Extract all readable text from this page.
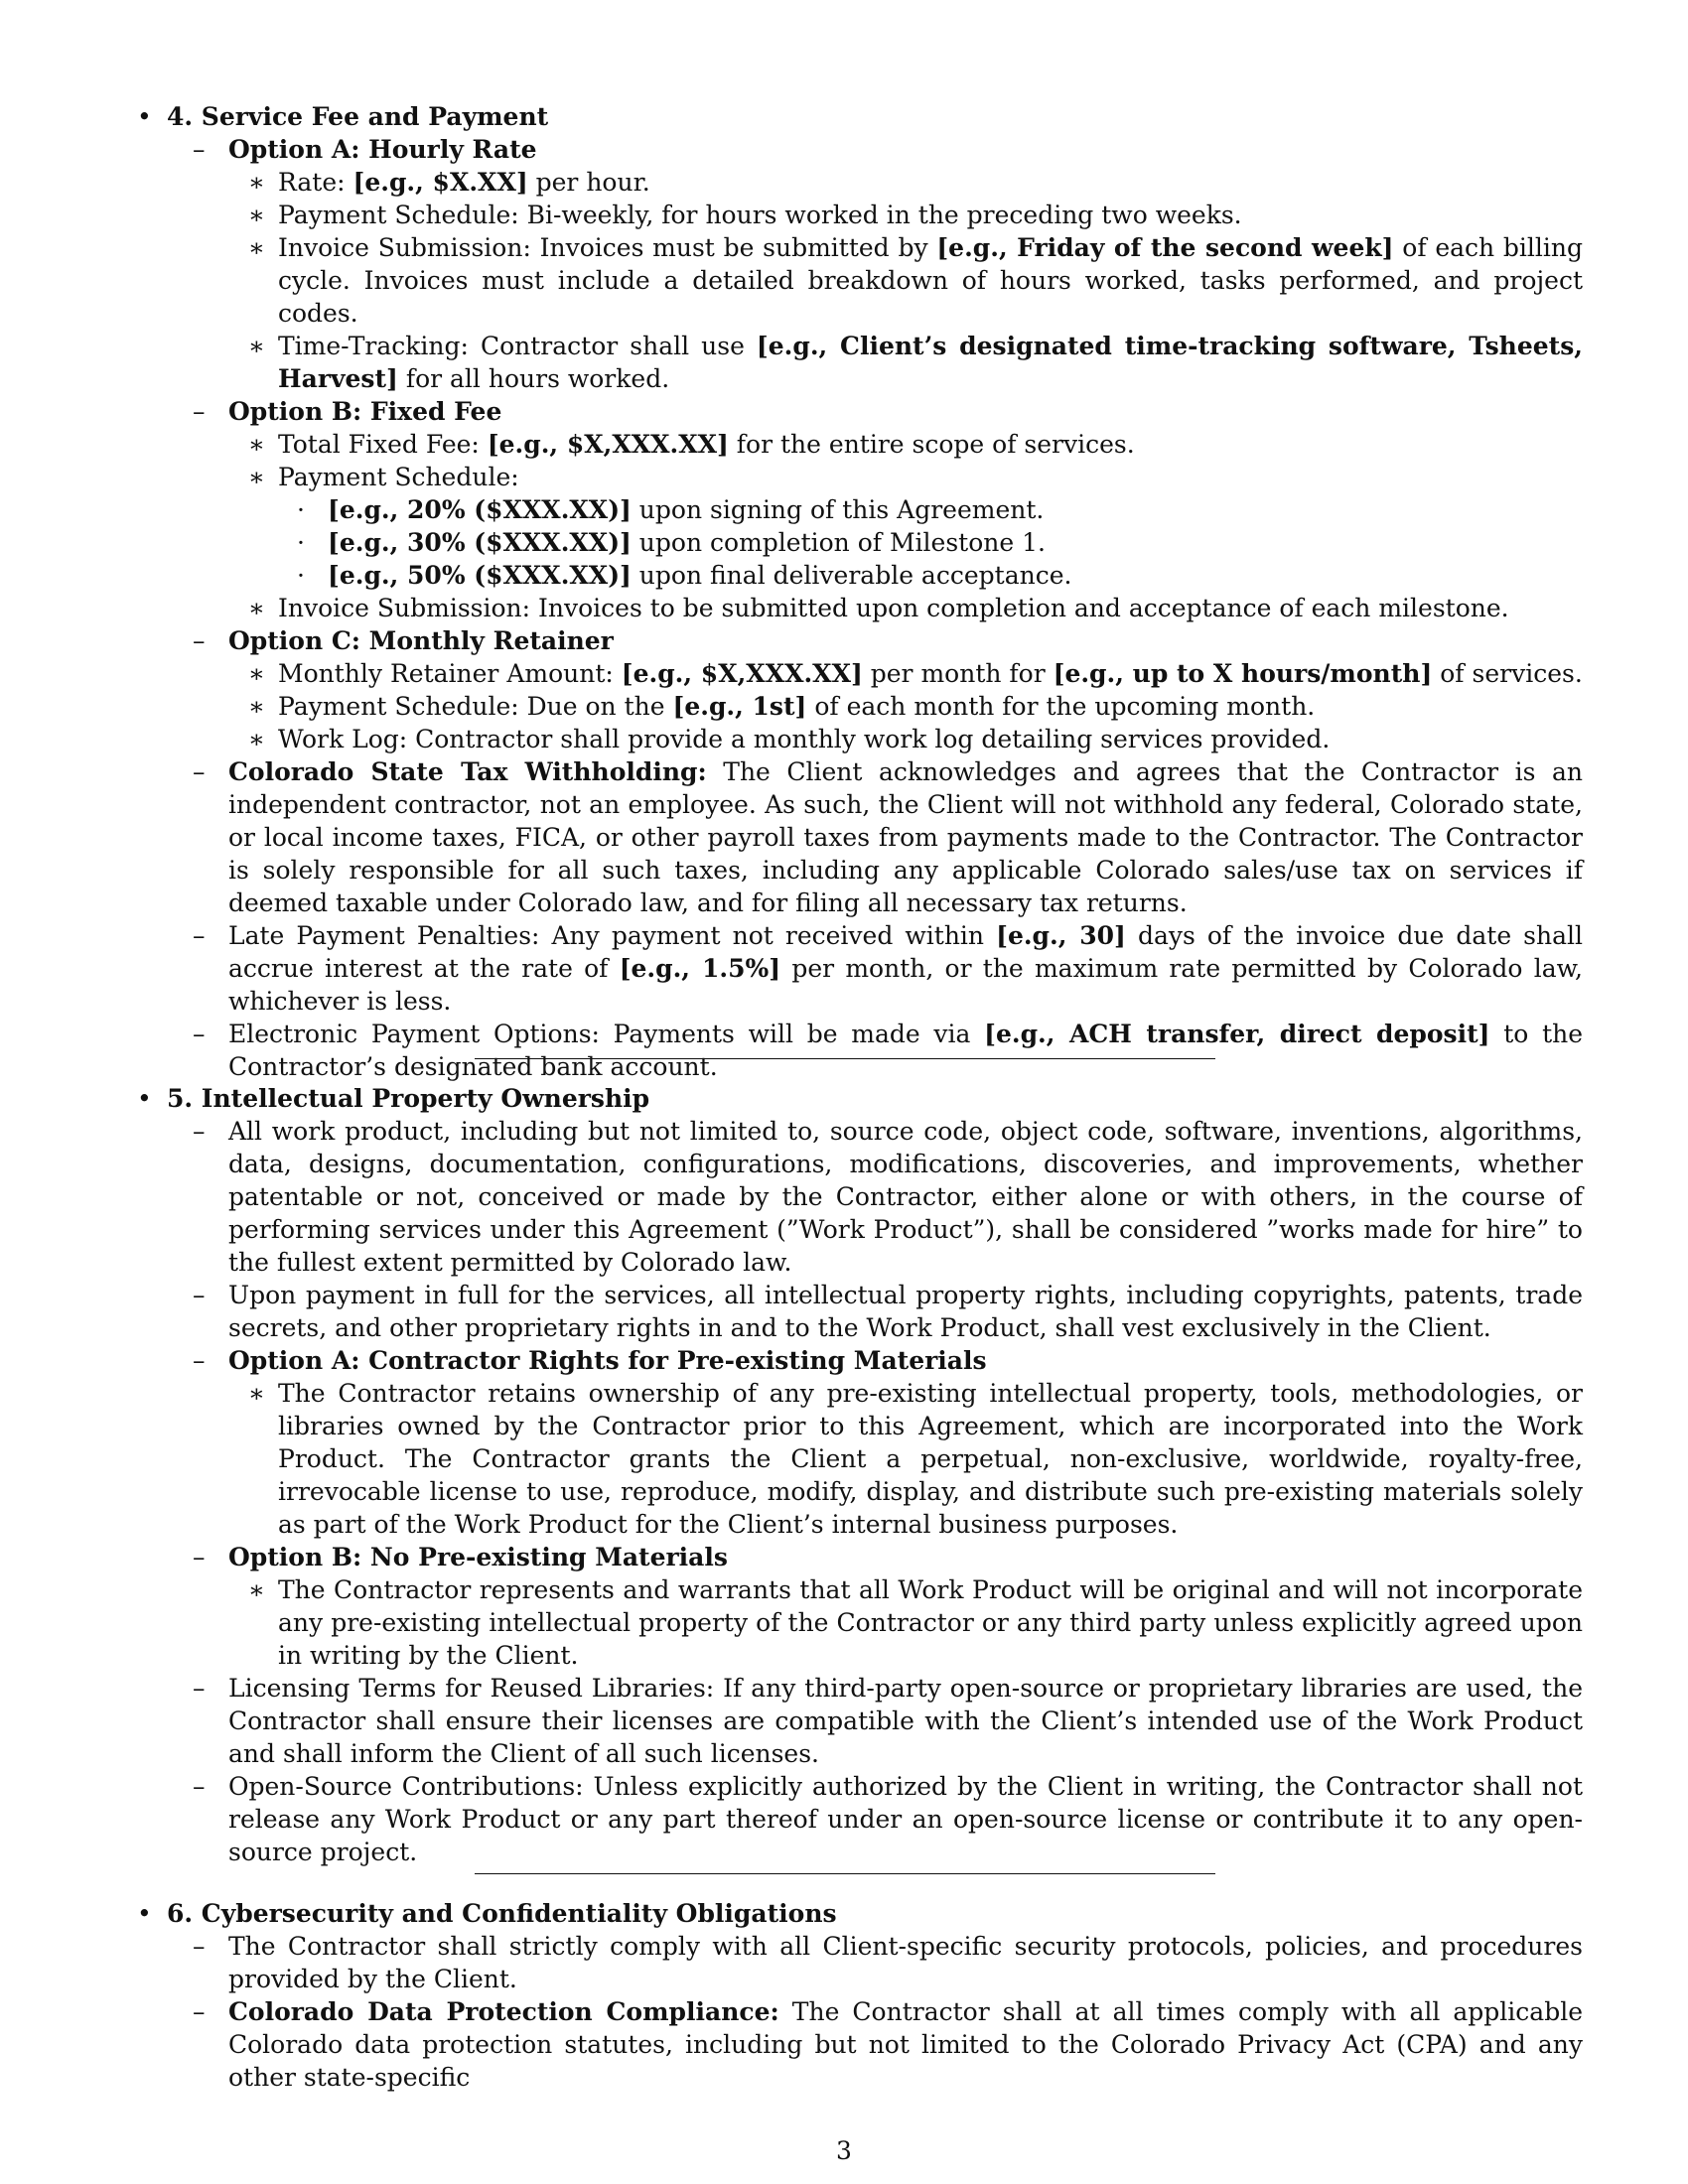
• 4. Service Fee and Payment
– Option A: Hourly Rate
∗ Rate: [e.g., $X.XX] per hour.
∗ Payment Schedule: Bi-weekly, for hours worked in the preceding two weeks.
∗ Invoice Submission: Invoices must be submitted by [e.g., Friday of the second week] of each billing cycle. Invoices must include a detailed breakdown of hours worked, tasks performed, and project codes.
∗ Time-Tracking: Contractor shall use [e.g., Client’s designated time-tracking software, Tsheets, Harvest] for all hours worked.
– Option B: Fixed Fee
∗ Total Fixed Fee: [e.g., $X,XXX.XX] for the entire scope of services.
∗ Payment Schedule:
· [e.g., 20% ($XXX.XX)] upon signing of this Agreement.
· [e.g., 30% ($XXX.XX)] upon completion of Milestone 1.
· [e.g., 50% ($XXX.XX)] upon final deliverable acceptance.
∗ Invoice Submission: Invoices to be submitted upon completion and acceptance of each milestone.
– Option C: Monthly Retainer
∗ Monthly Retainer Amount: [e.g., $X,XXX.XX] per month for [e.g., up to X hours/month] of services.
∗ Payment Schedule: Due on the [e.g., 1st] of each month for the upcoming month.
∗ Work Log: Contractor shall provide a monthly work log detailing services provided.
– Colorado State Tax Withholding: The Client acknowledges and agrees that the Contractor is an independent contractor, not an employee. As such, the Client will not withhold any federal, Colorado state, or local income taxes, FICA, or other payroll taxes from payments made to the Contractor. The Contractor is solely responsible for all such taxes, including any applicable Colorado sales/use tax on services if deemed taxable under Colorado law, and for filing all necessary tax returns.
– Late Payment Penalties: Any payment not received within [e.g., 30] days of the invoice due date shall accrue interest at the rate of [e.g., 1.5%] per month, or the maximum rate permitted by Colorado law, whichever is less.
– Electronic Payment Options: Payments will be made via [e.g., ACH transfer, direct deposit] to the Contractor’s designated bank account.
• 5. Intellectual Property Ownership
– All work product, including but not limited to, source code, object code, software, inventions, algorithms, data, designs, documentation, configurations, modifications, discoveries, and improvements, whether patentable or not, conceived or made by the Contractor, either alone or with others, in the course of performing services under this Agreement (”Work Product”), shall be considered ”works made for hire” to the fullest extent permitted by Colorado law.
– Upon payment in full for the services, all intellectual property rights, including copyrights, patents, trade secrets, and other proprietary rights in and to the Work Product, shall vest exclusively in the Client.
– Option A: Contractor Rights for Pre-existing Materials
∗ The Contractor retains ownership of any pre-existing intellectual property, tools, methodologies, or libraries owned by the Contractor prior to this Agreement, which are incorporated into the Work Product. The Contractor grants the Client a perpetual, non-exclusive, worldwide, royalty-free, irrevocable license to use, reproduce, modify, display, and distribute such pre-existing materials solely as part of the Work Product for the Client’s internal business purposes.
– Option B: No Pre-existing Materials
∗ The Contractor represents and warrants that all Work Product will be original and will not incorporate any pre-existing intellectual property of the Contractor or any third party unless explicitly agreed upon in writing by the Client.
– Licensing Terms for Reused Libraries: If any third-party open-source or proprietary libraries are used, the Contractor shall ensure their licenses are compatible with the Client’s intended use of the Work Product and shall inform the Client of all such licenses.
– Open-Source Contributions: Unless explicitly authorized by the Client in writing, the Contractor shall not release any Work Product or any part thereof under an open-source license or contribute it to any open-source project.
• 6. Cybersecurity and Confidentiality Obligations
– The Contractor shall strictly comply with all Client-specific security protocols, policies, and procedures provided by the Client.
– Colorado Data Protection Compliance: The Contractor shall at all times comply with all applicable Colorado data protection statutes, including but not limited to the Colorado Privacy Act (CPA) and any other state-specific
3
